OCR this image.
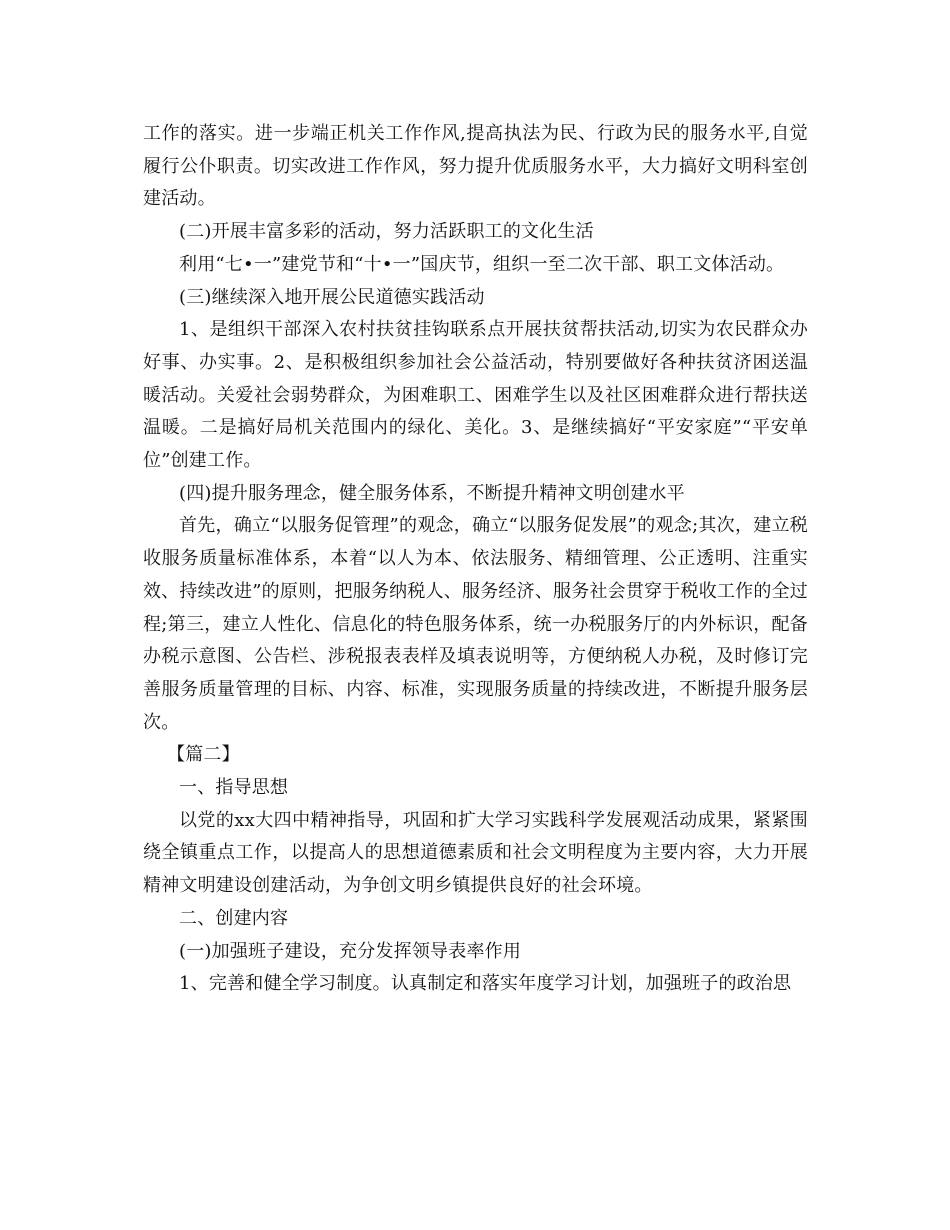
工作的落实。进一步端正机关工作作风,提高执法为民、行政为民的服务水平,自觉履行公仆职责。切实改进工作作风，努力提升优质服务水平，大力搞好文明科室创建活动。

(二)开展丰富多彩的活动，努力活跃职工的文化生活

利用“七•一”建党节和“十•一”国庆节，组织一至二次干部、职工文体活动。

(三)继续深入地开展公民道德实践活动

1、是组织干部深入农村扶贫挂钩联系点开展扶贫帮扶活动,切实为农民群众办好事、办实事。2、是积极组织参加社会公益活动，特别要做好各种扶贫济困送温暖活动。关爱社会弱势群众，为困难职工、困难学生以及社区困难群众进行帮扶送温暖。二是搞好局机关范围内的绿化、美化。3、是继续搞好“平安家庭”“平安单位”创建工作。

(四)提升服务理念，健全服务体系，不断提升精神文明创建水平

首先，确立“以服务促管理”的观念，确立“以服务促发展”的观念;其次，建立税收服务质量标准体系，本着“以人为本、依法服务、精细管理、公正透明、注重实效、持续改进”的原则，把服务纳税人、服务经济、服务社会贯穿于税收工作的全过程;第三，建立人性化、信息化的特色服务体系，统一办税服务厅的内外标识，配备办税示意图、公告栏、涉税报表表样及填表说明等，方便纳税人办税，及时修订完善服务质量管理的目标、内容、标准，实现服务质量的持续改进，不断提升服务层次。

【篇二】

一、指导思想

以党的xx大四中精神指导，巩固和扩大学习实践科学发展观活动成果，紧紧围绕全镇重点工作，以提高人的思想道德素质和社会文明程度为主要内容，大力开展精神文明建设创建活动，为争创文明乡镇提供良好的社会环境。

二、创建内容

(一)加强班子建设，充分发挥领导表率作用

1、完善和健全学习制度。认真制定和落实年度学习计划，加强班子的政治思
